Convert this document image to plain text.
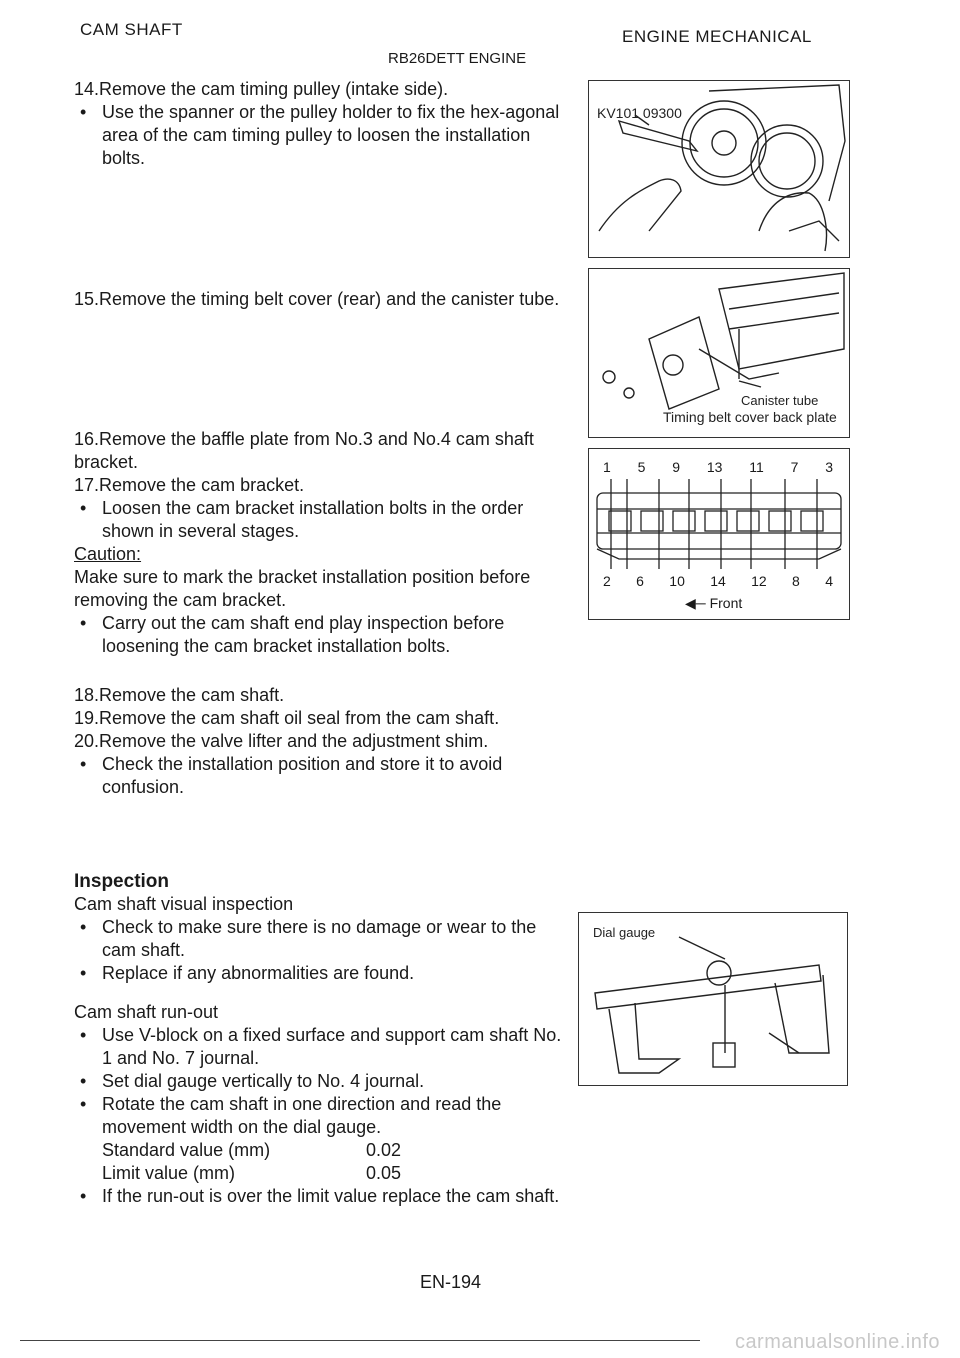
CAM SHAFT	ENGINE MECHANICAL
RB26DETT ENGINE
14.Remove the cam timing pulley (intake side).
• Use the spanner or the pulley holder to fix the hex-agonal area of the cam timing pulley to loosen the installation bolts.
15.Remove the timing belt cover (rear) and the canister tube.
16.Remove the baffle plate from No.3 and No.4 cam shaft bracket.
17.Remove the cam bracket.
• Loosen the cam bracket installation bolts in the order shown in several stages.
Caution:
Make sure to mark the bracket installation position before removing the cam bracket.
• Carry out the cam shaft end play inspection before loosening the cam bracket installation bolts.
18.Remove the cam shaft.
19.Remove the cam shaft oil seal from the cam shaft.
20.Remove the valve lifter and the adjustment shim.
• Check the installation position and store it to avoid confusion.
Inspection
Cam shaft visual inspection
• Check to make sure there is no damage or wear to the cam shaft.
• Replace if any abnormalities are found.
Cam shaft run-out
• Use V-block on a fixed surface and support cam shaft No. 1 and No. 7 journal.
• Set dial gauge vertically to No. 4 journal.
• Rotate the cam shaft in one direction and read the movement width on the dial gauge.
Standard value (mm)	0.02
Limit value (mm)	0.05
• If the run-out is over the limit value replace the cam shaft.
KV101 09300
Canister tube
Timing belt cover back plate
1 5 9 13 11 7 3
2 6 10 14 12 8 4
◀─ Front
Dial gauge
EN-194
carmanualsonline.info
